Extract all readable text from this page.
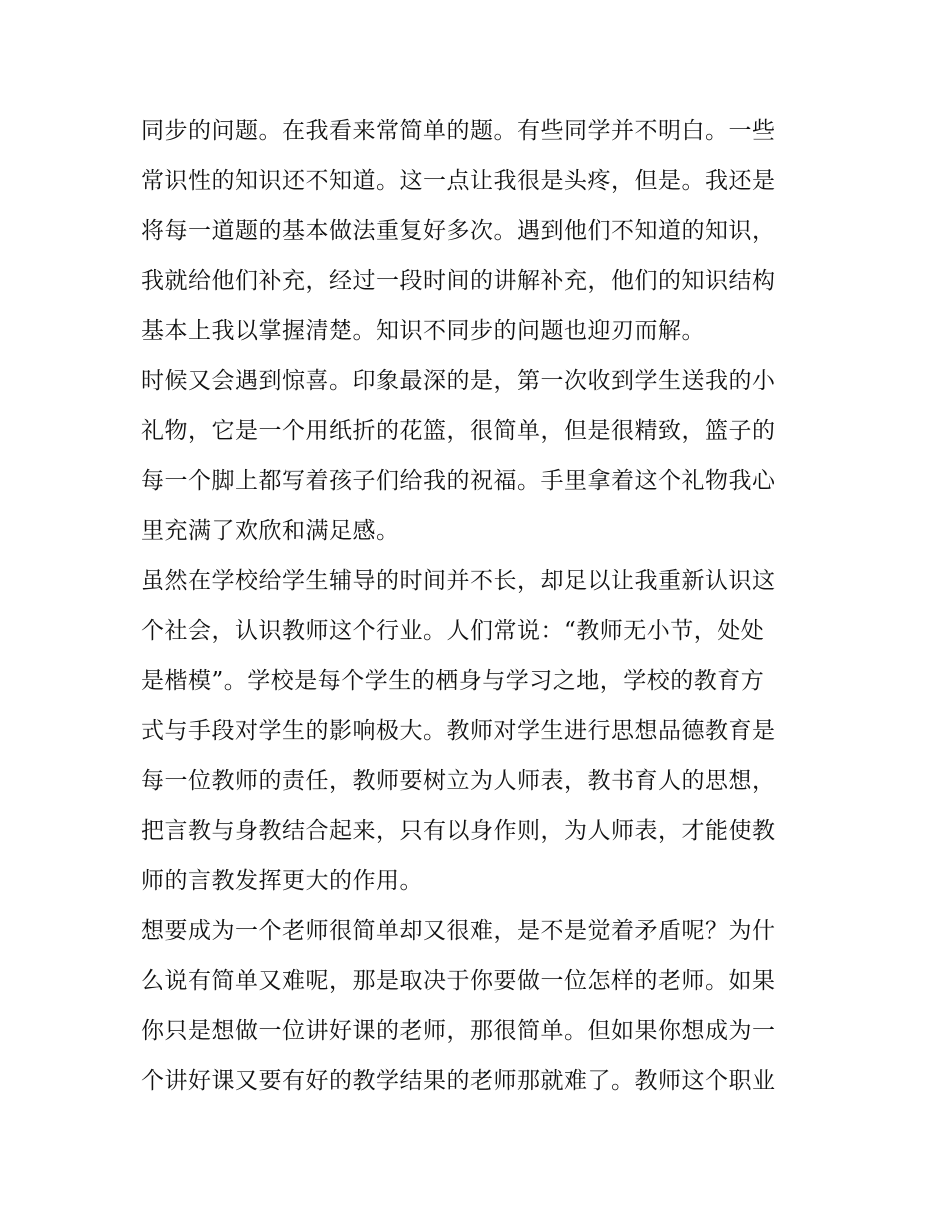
同步的问题。在我看来常简单的题。有些同学并不明白。一些
常识性的知识还不知道。这一点让我很是头疼，但是。我还是
将每一道题的基本做法重复好多次。遇到他们不知道的知识，
我就给他们补充，经过一段时间的讲解补充，他们的知识结构
基本上我以掌握清楚。知识不同步的问题也迎刃而解。
时候又会遇到惊喜。印象最深的是，第一次收到学生送我的小
礼物，它是一个用纸折的花篮，很简单，但是很精致，篮子的
每一个脚上都写着孩子们给我的祝福。手里拿着这个礼物我心
里充满了欢欣和满足感。
虽然在学校给学生辅导的时间并不长，却足以让我重新认识这
个社会，认识教师这个行业。人们常说：“教师无小节，处处
是楷模”。学校是每个学生的栖身与学习之地，学校的教育方
式与手段对学生的影响极大。教师对学生进行思想品德教育是
每一位教师的责任，教师要树立为人师表，教书育人的思想，
把言教与身教结合起来，只有以身作则，为人师表，才能使教
师的言教发挥更大的作用。
想要成为一个老师很简单却又很难，是不是觉着矛盾呢？为什
么说有简单又难呢，那是取决于你要做一位怎样的老师。如果
你只是想做一位讲好课的老师，那很简单。但如果你想成为一
个讲好课又要有好的教学结果的老师那就难了。教师这个职业
